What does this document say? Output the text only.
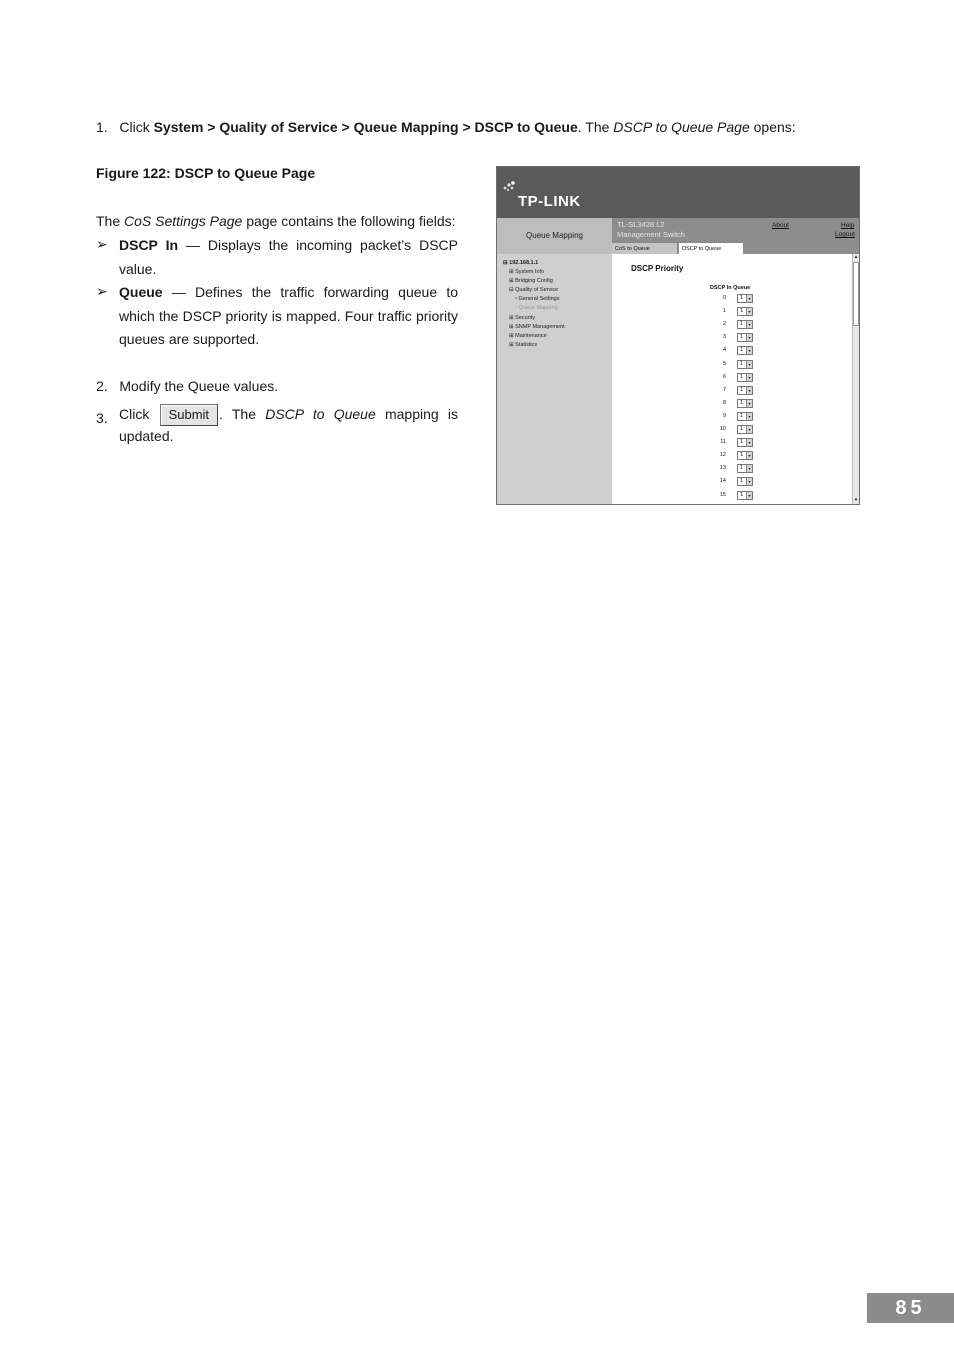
1. Click System > Quality of Service > Queue Mapping > DSCP to Queue. The DSCP to Queue Page opens:
Figure 122: DSCP to Queue Page
The CoS Settings Page page contains the following fields:
➢ DSCP In — Displays the incoming packet’s DSCP value.
➢ Queue — Defines the traffic forwarding queue to which the DSCP priority is mapped. Four traffic priority queues are supported.
2. Modify the Queue values.
3. Click Submit . The DSCP to Queue mapping is updated.
TP-LINK
Queue Mapping
TL-SL3428 L2
Management Switch
About	Help
Logout
CoS to Queue	DSCP to Queue
⊟ 192.168.1.1
⊞ System Info
⊞ Bridging Config
⊟ Quality of Service
▫ General Settings
▫ Queue Mapping
⊞ Security
⊞ SNMP Management
⊞ Maintenance
⊞ Statistics
DSCP Priority
DSCP In Queue
0	1	▾
1	1	▾
2	1	▾
3	1	▾
4	1	▾
5	1	▾
6	1	▾
7	1	▾
8	1	▾
9	1	▾
10	1	▾
11	1	▾
12	1	▾
13	1	▾
14	1	▾
15	1	▾
▴
▾
85
